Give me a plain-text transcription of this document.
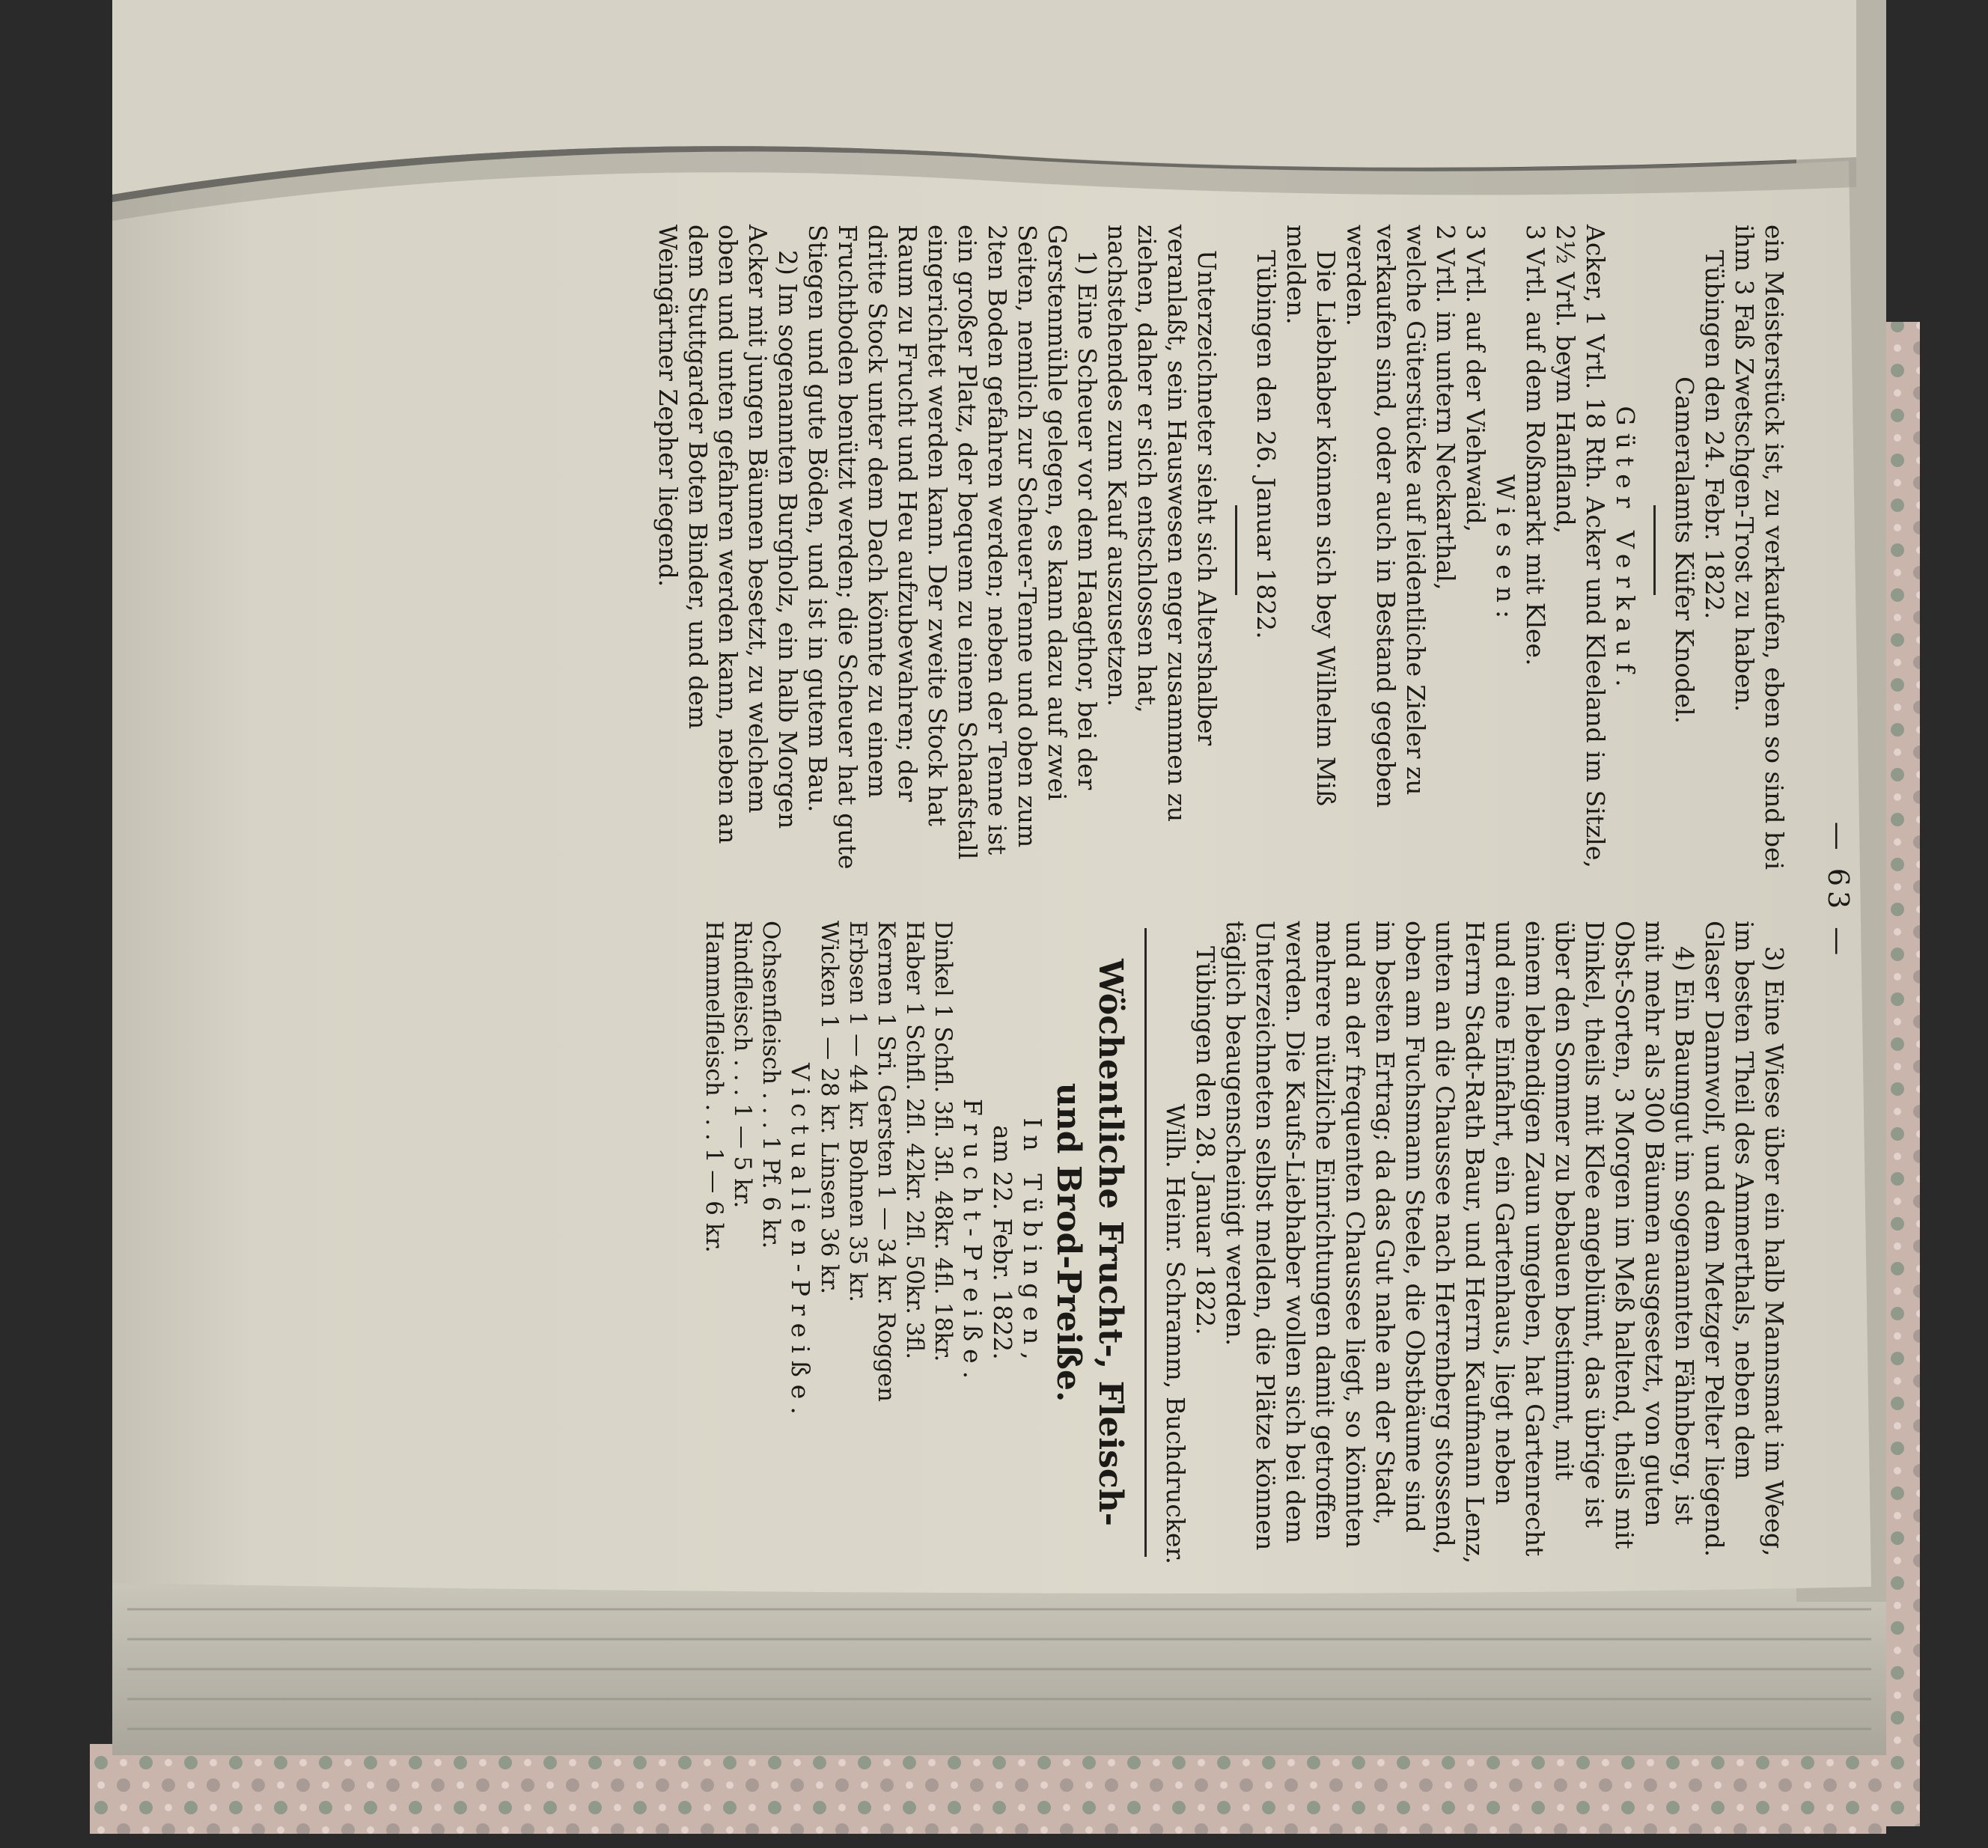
— 63 —

ein Meisterstück ist, zu verkaufen, eben so sind bei ihm 3 Faß Zwetschgen-Trost zu haben.

Tübingen den 24. Febr. 1822.

Cameralamts Küfer Knodel.

Güter Verkauf.

Acker, 1 Vrtl. 18 Rth. Acker und Kleeland im Sitzle,

2½ Vrtl. beym Hanfland,

3 Vrtl. auf dem Roßmarkt mit Klee.

Wiesen:

3 Vrtl. auf der Viehwaid,

2 Vrtl. im untern Neckarthal,

welche Güterstücke auf leidentliche Zieler zu verkaufen sind, oder auch in Bestand gegeben werden.

Die Liebhaber können sich bey Wilhelm Miß melden.

Tübingen den 26. Januar 1822.

Unterzeichneter sieht sich Altershalber veranlaßt, sein Hauswesen enger zusammen zu ziehen, daher er sich entschlossen hat, nachstehendes zum Kauf auszusetzen.

1) Eine Scheuer vor dem Haagthor, bei der Gerstenmühle gelegen, es kann dazu auf zwei Seiten, nemlich zur Scheuer-Tenne und oben zum 2ten Boden gefahren werden; neben der Tenne ist ein großer Platz, der bequem zu einem Schaafstall eingerichtet werden kann. Der zweite Stock hat Raum zu Frucht und Heu aufzubewahren; der dritte Stock unter dem Dach könnte zu einem Fruchtboden benützt werden; die Scheuer hat gute Stiegen und gute Böden, und ist in gutem Bau.

2) Im sogenannten Burgholz, ein halb Morgen Acker mit jungen Bäumen besetzt, zu welchem oben und unten gefahren werden kann, neben an dem Stuttgarder Boten Binder, und dem Weingärtner Zepher liegend.

3) Eine Wiese über ein halb Mannsmat im Weeg, im besten Theil des Ammerthals, neben dem Glaser Dannwolf, und dem Metzger Pelter liegend.

4) Ein Baumgut im sogenannten Fähnberg, ist mit mehr als 300 Bäumen ausgesetzt, von guten Obst-Sorten, 3 Morgen im Meß haltend, theils mit Dinkel, theils mit Klee angeblümt, das übrige ist über den Sommer zu bebauen bestimmt, mit einem lebendigen Zaun umgeben, hat Gartenrecht und eine Einfahrt, ein Gartenhaus, liegt neben Herrn Stadt-Rath Baur, und Herrn Kaufmann Lenz, unten an die Chaussee nach Herrenberg stossend, oben am Fuchsmann Steele, die Obstbäume sind im besten Ertrag; da das Gut nahe an der Stadt, und an der frequenten Chaussee liegt, so könnten mehrere nützliche Einrichtungen damit getroffen werden. Die Kaufs-Liebhaber wollen sich bei dem Unterzeichneten selbst melden, die Plätze können täglich beaugenscheinigt werden.

Tübingen den 28. Januar 1822.

Wilh. Heinr. Schramm, Buchdrucker.

Wöchentliche Frucht-, Fleisch- und Brod-Preiße.

In Tübingen,

am 22. Febr. 1822.

Frucht-Preiße.

Dinkel 1 Schfl. 3fl. 3fl. 48kr. 4fl. 18kr.

Haber 1 Schfl. 2fl. 42kr. 2fl. 50kr. 3fl.

Kernen 1 Sri. Gersten 1 — 34 kr. Roggen

Erbsen 1 — 44 kr. Bohnen 35 kr.

Wicken 1 — 28 kr. Linsen 36 kr.

Victualien-Preiße.

Ochsenfleisch . . . 1 Pf. 6 kr.

Rindfleisch . . . 1 — 5 kr.

Hammelfleisch . . . 1 — 6 kr.
